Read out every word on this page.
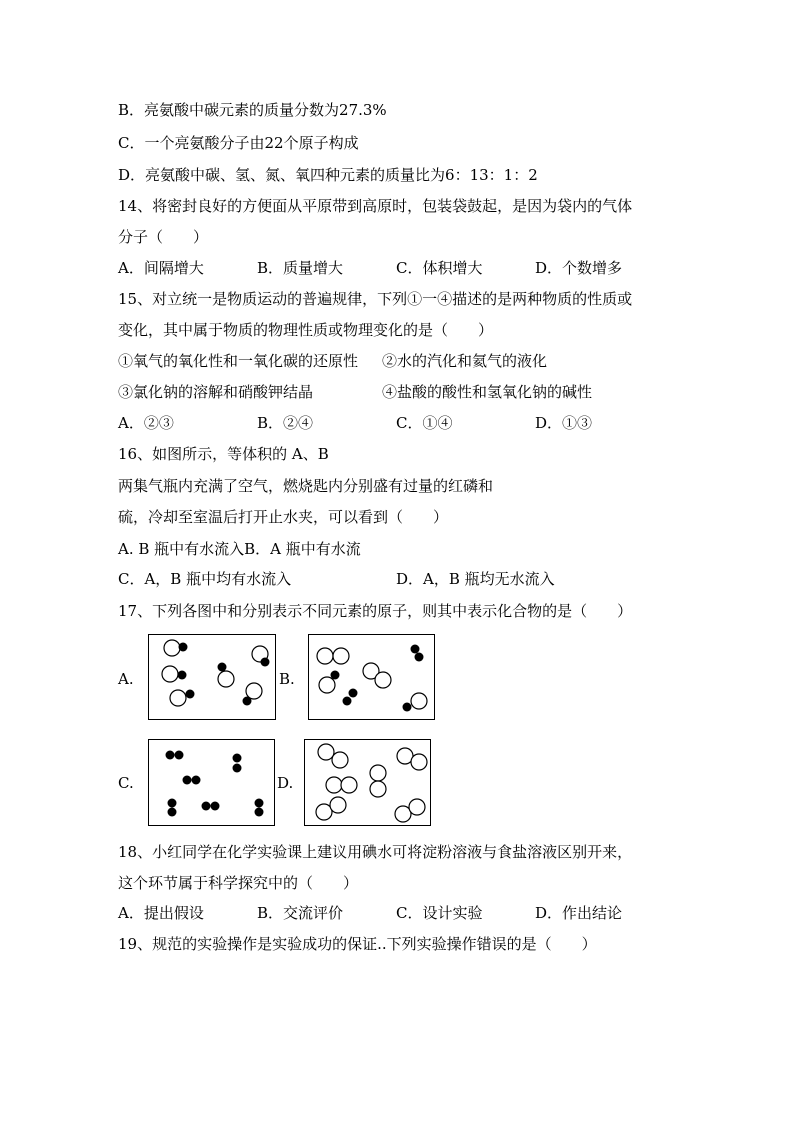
B．亮氨酸中碳元素的质量分数为27.3%
C．一个亮氨酸分子由22个原子构成
D．亮氨酸中碳、氢、氮、氧四种元素的质量比为6：13：1：2
14、将密封良好的方便面从平原带到高原时，包装袋鼓起，是因为袋内的气体
分子（　　）
A．间隔增大	B．质量增大	C．体积增大	D．个数增多
15、对立统一是物质运动的普遍规律，下列①一④描述的是两种物质的性质或
变化，其中属于物质的物理性质或物理变化的是（　　）
①氧气的氧化性和一氧化碳的还原性 ②水的汽化和氦气的液化
③氯化钠的溶解和硝酸钾结晶	④盐酸的酸性和氢氧化钠的碱性
A．②③	B．②④	C．①④	D．①③
16、如图所示，等体积的 A、B
两集气瓶内充满了空气，燃烧匙内分别盛有过量的红磷和
硫，冷却至室温后打开止水夹，可以看到（　　）
A. B 瓶中有水流入B．A 瓶中有水流
C．A，B 瓶中均有水流入	D．A，B 瓶均无水流入
17、下列各图中和分别表示不同元素的原子，则其中表示化合物的是（　　）
A.	B.
C.	D.
18、小红同学在化学实验课上建议用碘水可将淀粉溶液与食盐溶液区别开来，
这个环节属于科学探究中的（　　）
A．提出假设	B．交流评价	C．设计实验	D．作出结论
19、规范的实验操作是实验成功的保证..下列实验操作错误的是（　　）
